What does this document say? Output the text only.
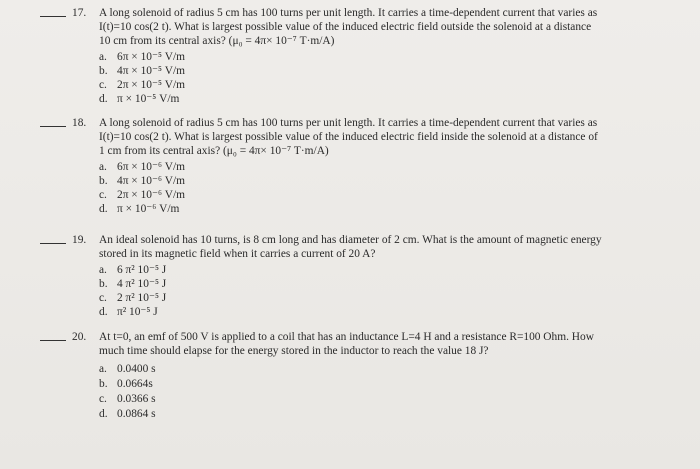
17. A long solenoid of radius 5 cm has 100 turns per unit length. It carries a time-dependent current that varies as
I(t)=10 cos(2 t). What is largest possible value of the induced electric field outside the solenoid at a distance
10 cm from its central axis? (μ₀ = 4π× 10⁻⁷ T·m/A)
a. 6π × 10⁻⁵ V/m
b. 4π × 10⁻⁵ V/m
c. 2π × 10⁻⁵ V/m
d. π × 10⁻⁵ V/m
18. A long solenoid of radius 5 cm has 100 turns per unit length. It carries a time-dependent current that varies as
I(t)=10 cos(2 t). What is largest possible value of the induced electric field inside the solenoid at a distance of
1 cm from its central axis? (μ₀ = 4π× 10⁻⁷ T·m/A)
a. 6π × 10⁻⁶ V/m
b. 4π × 10⁻⁶ V/m
c. 2π × 10⁻⁶ V/m
d. π × 10⁻⁶ V/m
19. An ideal solenoid has 10 turns, is 8 cm long and has diameter of 2 cm. What is the amount of magnetic energy
stored in its magnetic field when it carries a current of 20 A?
a. 6 π² 10⁻⁵ J
b. 4 π² 10⁻⁵ J
c. 2 π² 10⁻⁵ J
d. π² 10⁻⁵ J
20. At t=0, an emf of 500 V is applied to a coil that has an inductance L=4 H and a resistance R=100 Ohm. How
much time should elapse for the energy stored in the inductor to reach the value 18 J?
a. 0.0400 s
b. 0.0664s
c. 0.0366 s
d. 0.0864 s
